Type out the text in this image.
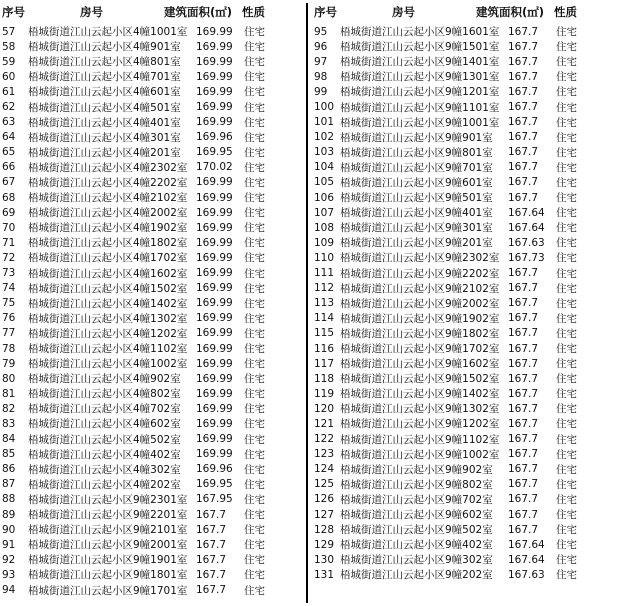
序号	房号	建筑面积(㎡) 性质
57	梧城街道江山云起小区4幢1001室 169.99	住宅
58	梧城街道江山云起小区4幢901室	169.99	住宅
59	梧城街道江山云起小区4幢801室	169.99	住宅
60	梧城街道江山云起小区4幢701室	169.99	住宅
61	梧城街道江山云起小区4幢601室	169.99	住宅
62	梧城街道江山云起小区4幢501室	169.99	住宅
63	梧城街道江山云起小区4幢401室	169.99	住宅
64	梧城街道江山云起小区4幢301室	169.96	住宅
65	梧城街道江山云起小区4幢201室	169.95	住宅
66	梧城街道江山云起小区4幢2302室 170.02	住宅
67	梧城街道江山云起小区4幢2202室 169.99	住宅
68	梧城街道江山云起小区4幢2102室 169.99	住宅
69	梧城街道江山云起小区4幢2002室 169.99	住宅
70	梧城街道江山云起小区4幢1902室 169.99	住宅
71	梧城街道江山云起小区4幢1802室 169.99	住宅
72	梧城街道江山云起小区4幢1702室 169.99	住宅
73	梧城街道江山云起小区4幢1602室 169.99	住宅
74	梧城街道江山云起小区4幢1502室 169.99	住宅
75	梧城街道江山云起小区4幢1402室 169.99	住宅
76	梧城街道江山云起小区4幢1302室 169.99	住宅
77	梧城街道江山云起小区4幢1202室 169.99	住宅
78	梧城街道江山云起小区4幢1102室 169.99	住宅
79	梧城街道江山云起小区4幢1002室 169.99	住宅
80	梧城街道江山云起小区4幢902室	169.99	住宅
81	梧城街道江山云起小区4幢802室	169.99	住宅
82	梧城街道江山云起小区4幢702室	169.99	住宅
83	梧城街道江山云起小区4幢602室	169.99	住宅
84	梧城街道江山云起小区4幢502室	169.99	住宅
85	梧城街道江山云起小区4幢402室	169.99	住宅
86	梧城街道江山云起小区4幢302室	169.96	住宅
87	梧城街道江山云起小区4幢202室	169.95	住宅
88	梧城街道江山云起小区9幢2301室 167.95	住宅
89	梧城街道江山云起小区9幢2201室 167.7	住宅
90	梧城街道江山云起小区9幢2101室 167.7	住宅
91	梧城街道江山云起小区9幢2001室 167.7	住宅
92	梧城街道江山云起小区9幢1901室 167.7	住宅
93	梧城街道江山云起小区9幢1801室 167.7	住宅
94	梧城街道江山云起小区9幢1701室 167.7	住宅
序号	房号	建筑面积(㎡) 性质
95	梧城街道江山云起小区9幢1601室 167.7	住宅
96	梧城街道江山云起小区9幢1501室 167.7	住宅
97	梧城街道江山云起小区9幢1401室 167.7	住宅
98	梧城街道江山云起小区9幢1301室 167.7	住宅
99	梧城街道江山云起小区9幢1201室 167.7	住宅
100 梧城街道江山云起小区9幢1101室 167.7	住宅
101 梧城街道江山云起小区9幢1001室 167.7	住宅
102 梧城街道江山云起小区9幢901室	167.7	住宅
103 梧城街道江山云起小区9幢801室	167.7	住宅
104 梧城街道江山云起小区9幢701室	167.7	住宅
105 梧城街道江山云起小区9幢601室	167.7	住宅
106 梧城街道江山云起小区9幢501室	167.7	住宅
107 梧城街道江山云起小区9幢401室	167.64	住宅
108 梧城街道江山云起小区9幢301室	167.64	住宅
109 梧城街道江山云起小区9幢201室	167.63	住宅
110 梧城街道江山云起小区9幢2302室 167.73	住宅
111 梧城街道江山云起小区9幢2202室 167.7	住宅
112 梧城街道江山云起小区9幢2102室 167.7	住宅
113 梧城街道江山云起小区9幢2002室 167.7	住宅
114 梧城街道江山云起小区9幢1902室 167.7	住宅
115 梧城街道江山云起小区9幢1802室 167.7	住宅
116 梧城街道江山云起小区9幢1702室 167.7	住宅
117 梧城街道江山云起小区9幢1602室 167.7	住宅
118 梧城街道江山云起小区9幢1502室 167.7	住宅
119 梧城街道江山云起小区9幢1402室 167.7	住宅
120 梧城街道江山云起小区9幢1302室 167.7	住宅
121 梧城街道江山云起小区9幢1202室 167.7	住宅
122 梧城街道江山云起小区9幢1102室 167.7	住宅
123 梧城街道江山云起小区9幢1002室 167.7	住宅
124 梧城街道江山云起小区9幢902室	167.7	住宅
125 梧城街道江山云起小区9幢802室	167.7	住宅
126 梧城街道江山云起小区9幢702室	167.7	住宅
127 梧城街道江山云起小区9幢602室	167.7	住宅
128 梧城街道江山云起小区9幢502室	167.7	住宅
129 梧城街道江山云起小区9幢402室	167.64	住宅
130 梧城街道江山云起小区9幢302室	167.64	住宅
131 梧城街道江山云起小区9幢202室	167.63	住宅
